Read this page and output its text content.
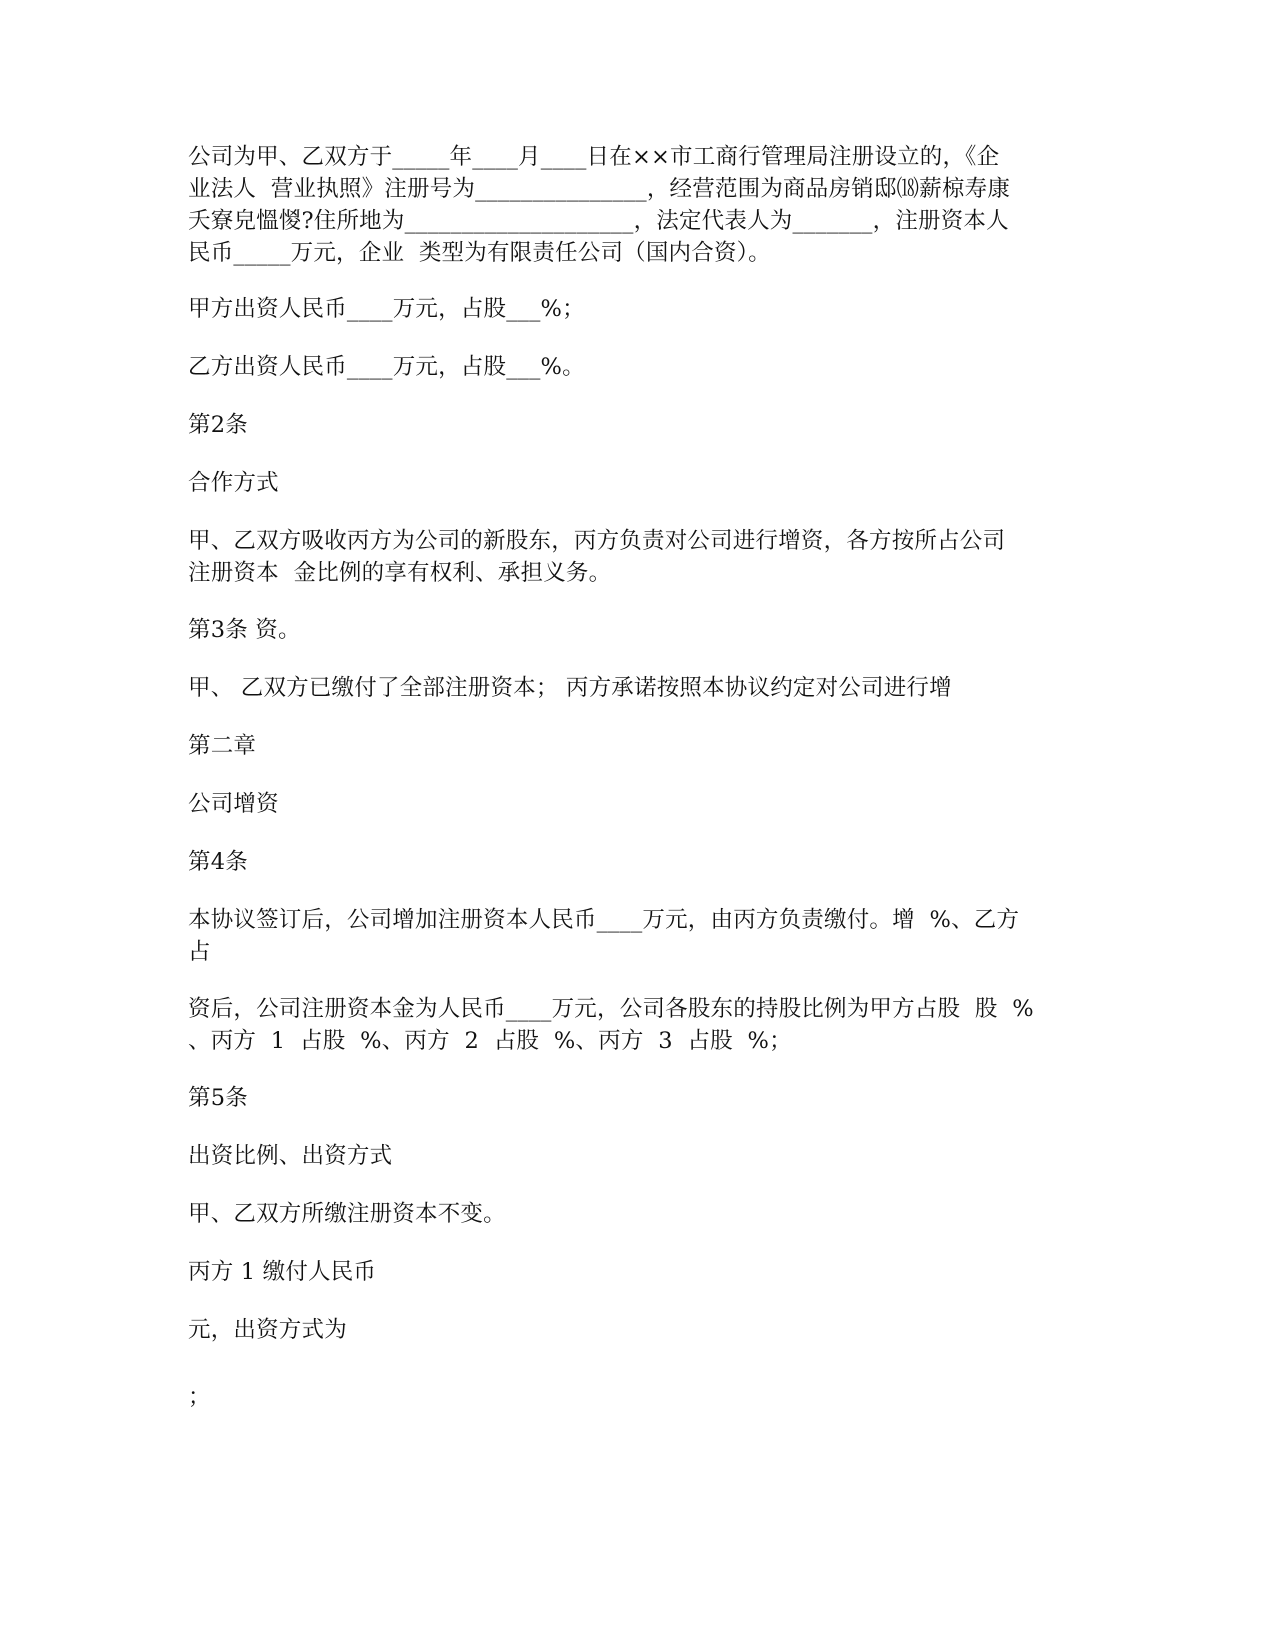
公司为甲、乙双方于_____年____月____日在××市工商行管理局注册设立的，《企
业法人  营业执照》注册号为_______________，经营范围为商品房销邸⒅薪椋寿康
夭寮皃慍惾?住所地为____________________，法定代表人为_______，注册资本人
民币_____万元，企业  类型为有限责任公司（国内合资）。

甲方出资人民币____万元，占股___%；

乙方出资人民币____万元，占股___%。

第2条

合作方式

甲、乙双方吸收丙方为公司的新股东，丙方负责对公司进行增资，各方按所占公司
注册资本  金比例的享有权利、承担义务。

第3条 资。

甲、 乙双方已缴付了全部注册资本； 丙方承诺按照本协议约定对公司进行增

第二章

公司增资

第4条

本协议签订后，公司增加注册资本人民币____万元，由丙方负责缴付。增  %、乙方
占
资后，公司注册资本金为人民币____万元，公司各股东的持股比例为甲方占股  股  %
、丙方  1  占股  %、丙方  2  占股  %、丙方  3  占股  %；

第5条

出资比例、出资方式

甲、乙双方所缴注册资本不变。

丙方 1 缴付人民币

元，出资方式为

；
